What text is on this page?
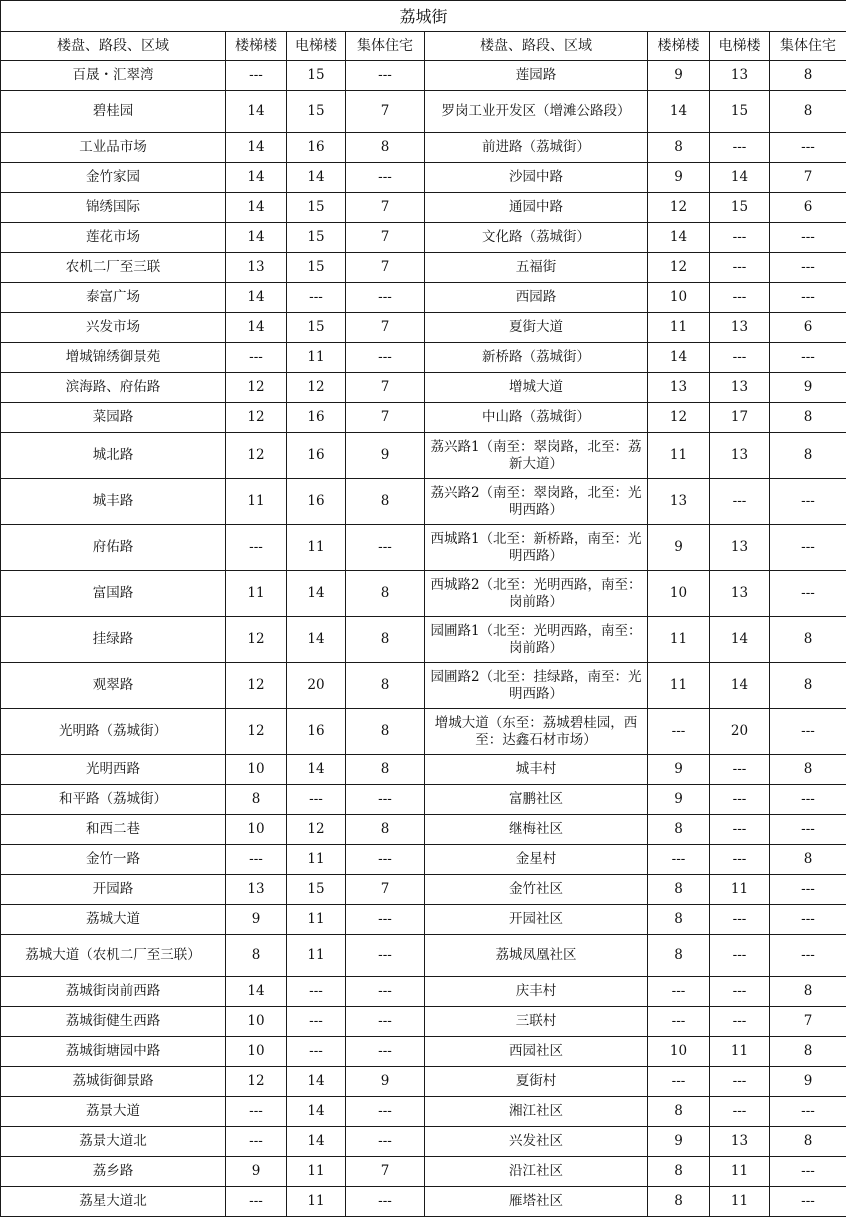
荔城街							
楼盘、路段、区域	楼梯楼	电梯楼	集体住宅	楼盘、路段、区域	楼梯楼	电梯楼	集体住宅
百晟・汇翠湾	---	15	---	莲园路	9	13	8
碧桂园	14	15	7	罗岗工业开发区（增滩公路段）	14	15	8
工业品市场	14	16	8	前进路（荔城街）	8	---	---
金竹家园	14	14	---	沙园中路	9	14	7
锦绣国际	14	15	7	通园中路	12	15	6
莲花市场	14	15	7	文化路（荔城街）	14	---	---
农机二厂至三联	13	15	7	五福街	12	---	---
泰富广场	14	---	---	西园路	10	---	---
兴发市场	14	15	7	夏街大道	11	13	6
增城锦绣御景苑	---	11	---	新桥路（荔城街）	14	---	---
滨海路、府佑路	12	12	7	增城大道	13	13	9
菜园路	12	16	7	中山路（荔城街）	12	17	8
城北路	12	16	9	荔兴路1（南至：翠岗路，北至：荔新大道）	11	13	8
城丰路	11	16	8	荔兴路2（南至：翠岗路，北至：光明西路）	13	---	---
府佑路	---	11	---	西城路1（北至：新桥路，南至：光明西路）	9	13	---
富国路	11	14	8	西城路2（北至：光明西路，南至：岗前路）	10	13	---
挂绿路	12	14	8	园圃路1（北至：光明西路，南至：岗前路）	11	14	8
观翠路	12	20	8	园圃路2（北至：挂绿路，南至：光明西路）	11	14	8
光明路（荔城街）	12	16	8	增城大道（东至：荔城碧桂园，西至：达鑫石材市场）	---	20	---
光明西路	10	14	8	城丰村	9	---	8
和平路（荔城街）	8	---	---	富鹏社区	9	---	---
和西二巷	10	12	8	继梅社区	8	---	---
金竹一路	---	11	---	金星村	---	---	8
开园路	13	15	7	金竹社区	8	11	---
荔城大道	9	11	---	开园社区	8	---	---
荔城大道（农机二厂至三联）	8	11	---	荔城凤凰社区	8	---	---
荔城街岗前西路	14	---	---	庆丰村	---	---	8
荔城街健生西路	10	---	---	三联村	---	---	7
荔城街塘园中路	10	---	---	西园社区	10	11	8
荔城街御景路	12	14	9	夏街村	---	---	9
荔景大道	---	14	---	湘江社区	8	---	---
荔景大道北	---	14	---	兴发社区	9	13	8
荔乡路	9	11	7	沿江社区	8	11	---
荔星大道北	---	11	---	雁塔社区	8	11	---
